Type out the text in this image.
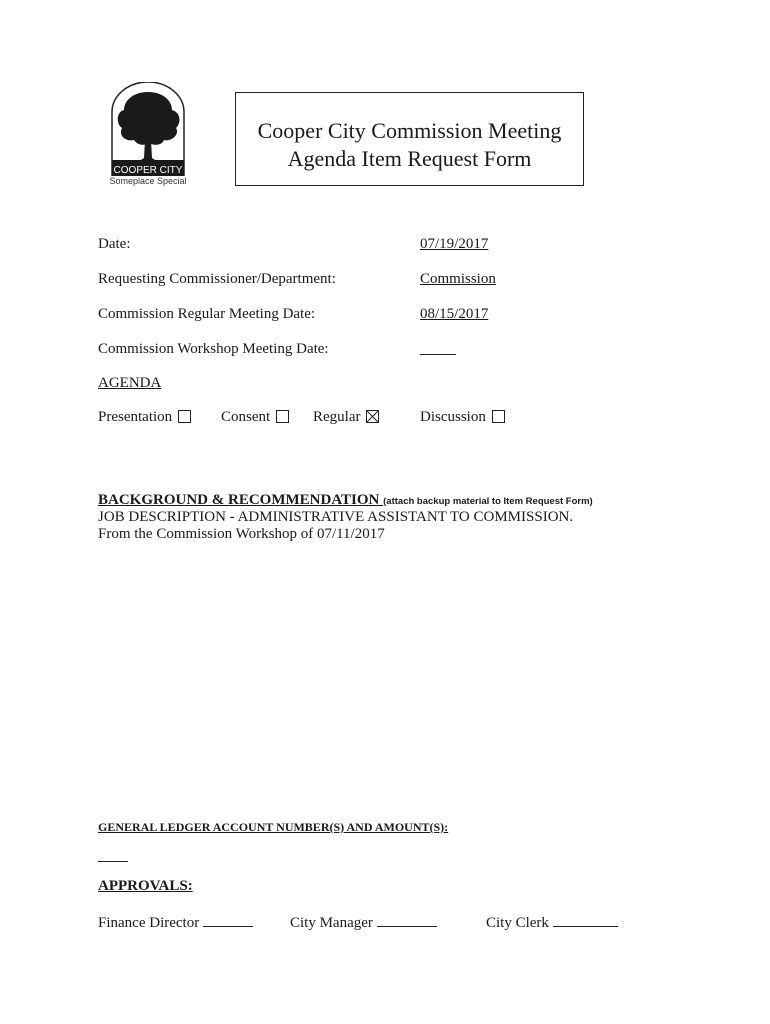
COOPER CITY
Someplace Special
Cooper City Commission Meeting
Agenda Item Request Form
Date:	07/19/2017
Requesting Commissioner/Department:	Commission
Commission Regular Meeting Date:	08/15/2017
Commission Workshop Meeting Date:
AGENDA
Presentation	Consent	Regular	Discussion
BACKGROUND & RECOMMENDATION (attach backup material to Item Request Form)
JOB DESCRIPTION - ADMINISTRATIVE ASSISTANT TO COMMISSION.
From the Commission Workshop of 07/11/2017
GENERAL LEDGER ACCOUNT NUMBER(S) AND AMOUNT(S):
APPROVALS:
Finance Director	City Manager	City Clerk
